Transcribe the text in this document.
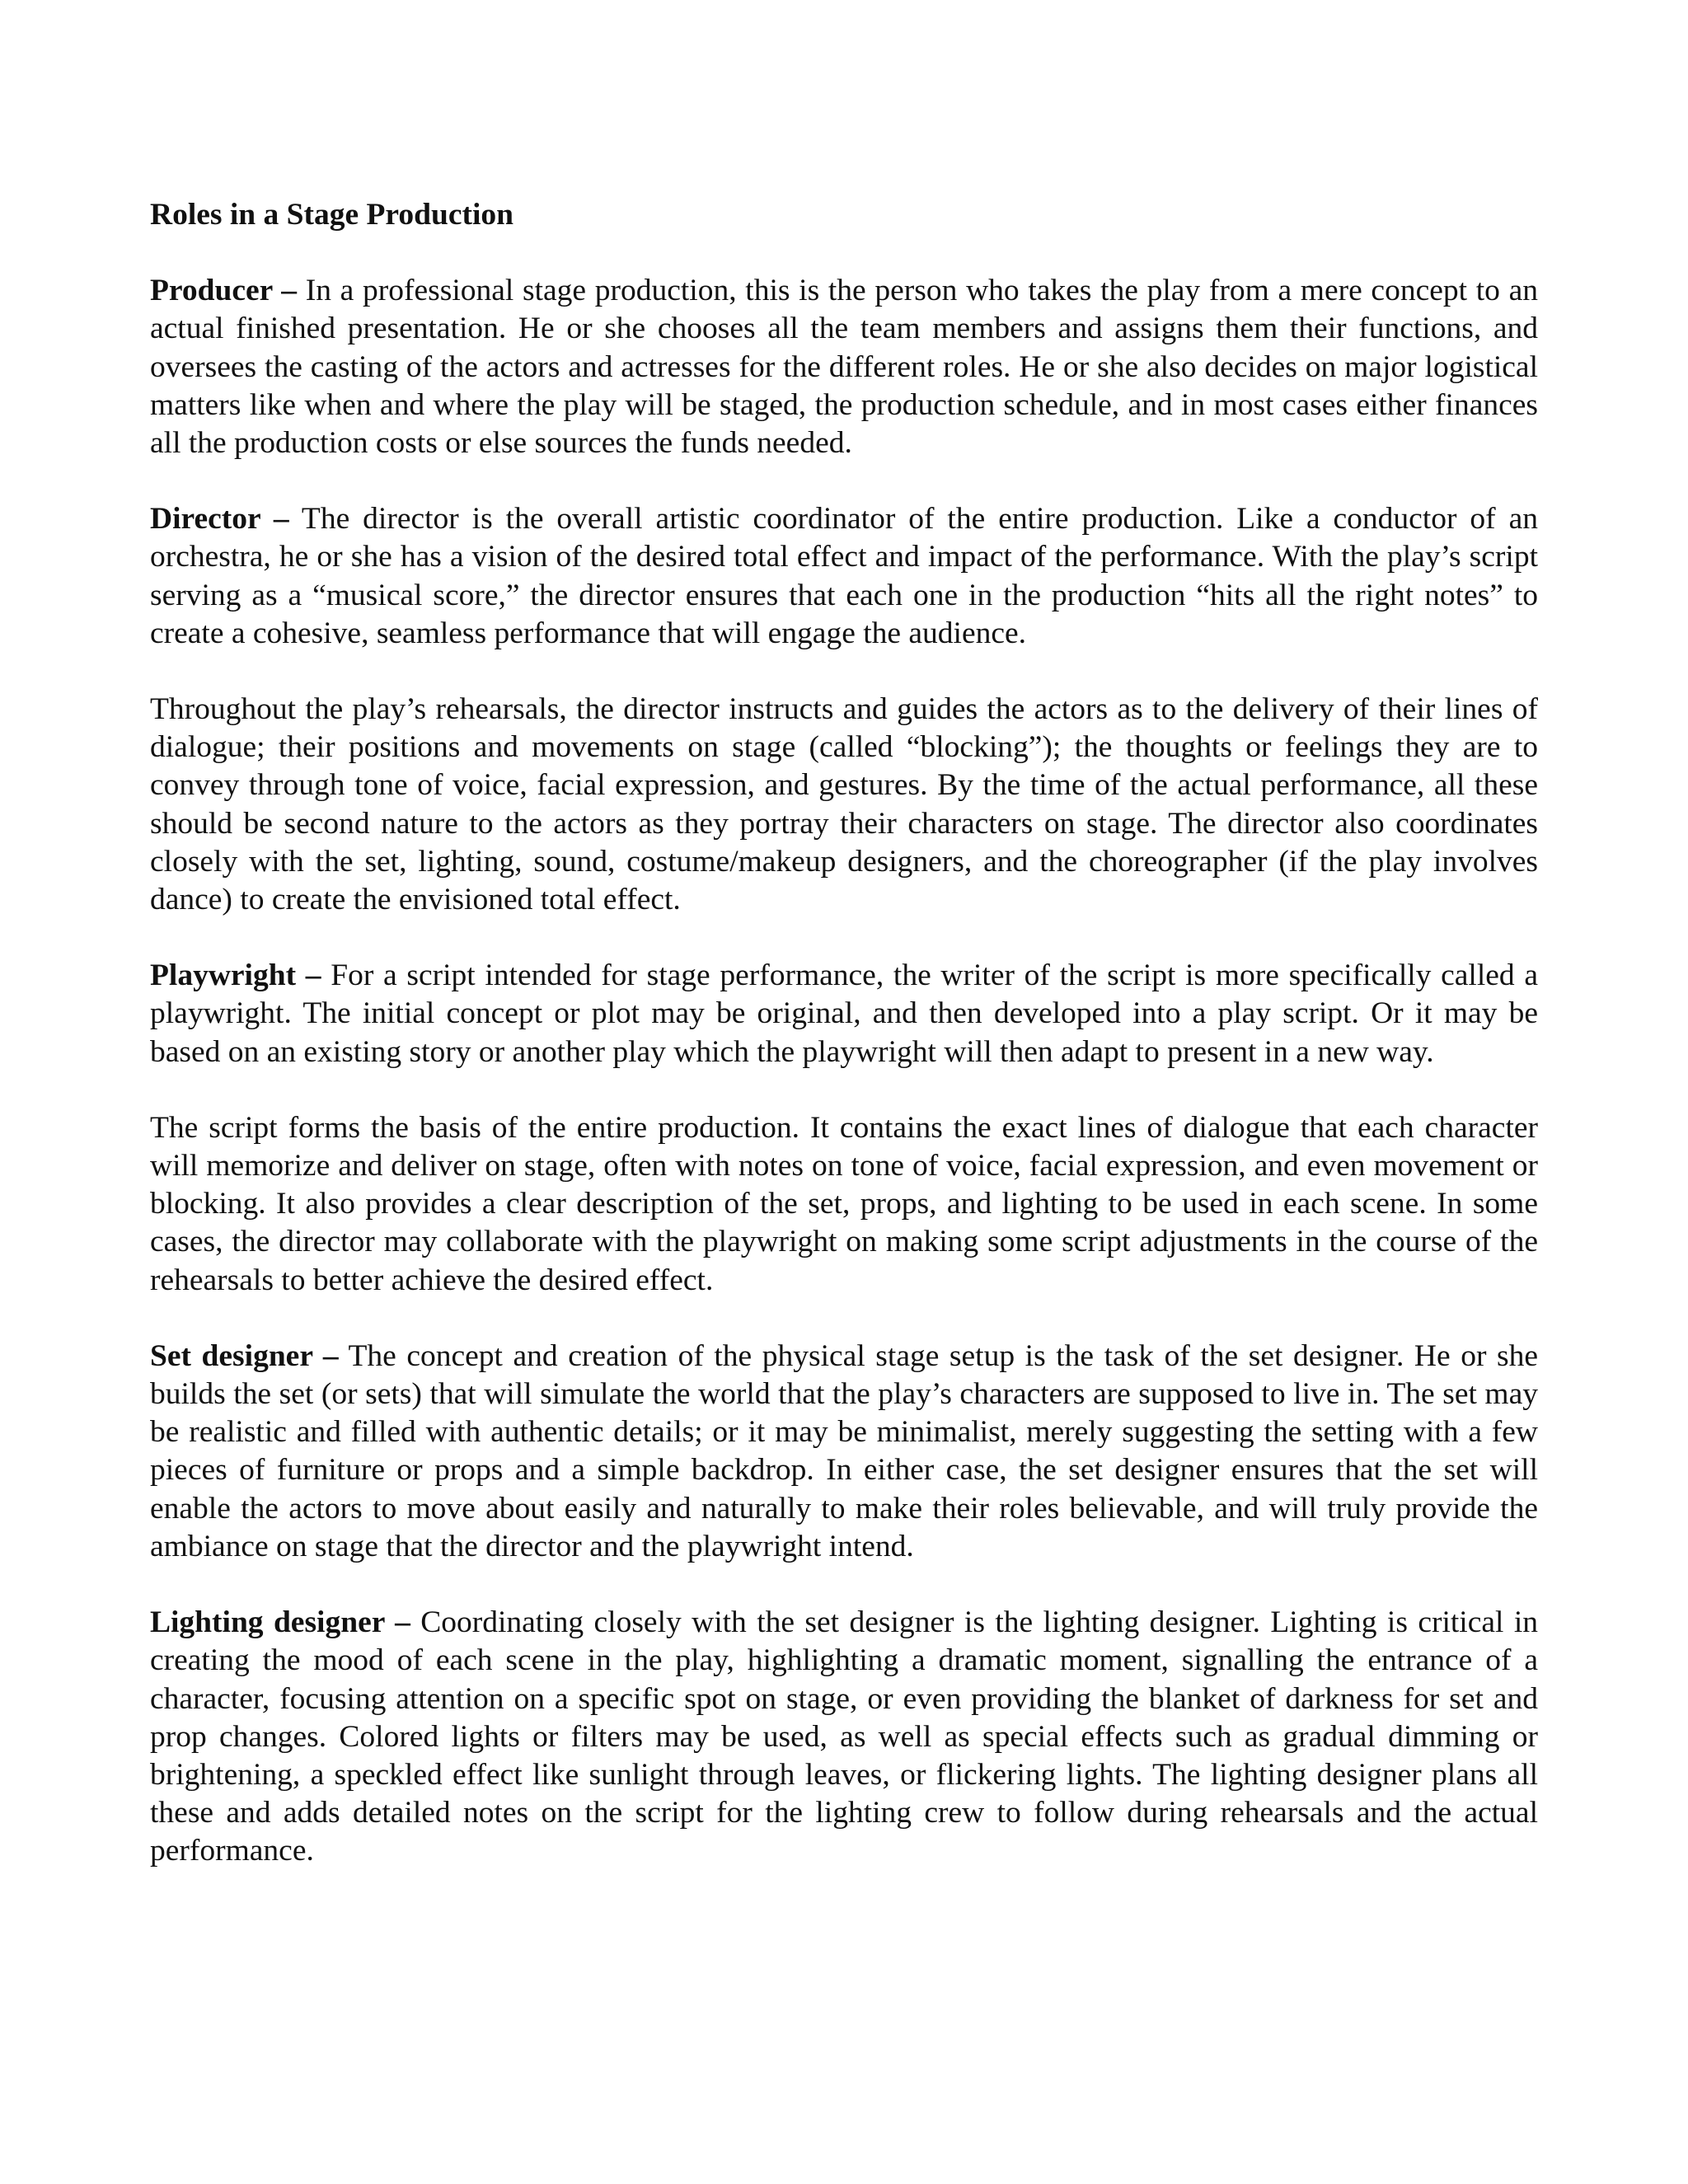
Roles in a Stage Production

Producer – In a professional stage production, this is the person who takes the play from a mere concept to an actual finished presentation. He or she chooses all the team members and assigns them their functions, and oversees the casting of the actors and actresses for the different roles. He or she also decides on major logistical matters like when and where the play will be staged, the production schedule, and in most cases either finances all the production costs or else sources the funds needed.

Director – The director is the overall artistic coordinator of the entire production. Like a conductor of an orchestra, he or she has a vision of the desired total effect and impact of the performance. With the play’s script serving as a “musical score,” the director ensures that each one in the production “hits all the right notes” to create a cohesive, seamless performance that will engage the audience.

Throughout the play’s rehearsals, the director instructs and guides the actors as to the delivery of their lines of dialogue; their positions and movements on stage (called “blocking”); the thoughts or feelings they are to convey through tone of voice, facial expression, and gestures. By the time of the actual performance, all these should be second nature to the actors as they portray their characters on stage. The director also coordinates closely with the set, lighting, sound, costume/makeup designers, and the choreographer (if the play involves dance) to create the envisioned total effect.

Playwright – For a script intended for stage performance, the writer of the script is more specifically called a playwright. The initial concept or plot may be original, and then developed into a play script. Or it may be based on an existing story or another play which the playwright will then adapt to present in a new way.

The script forms the basis of the entire production. It contains the exact lines of dialogue that each character will memorize and deliver on stage, often with notes on tone of voice, facial expression, and even movement or blocking. It also provides a clear description of the set, props, and lighting to be used in each scene. In some cases, the director may collaborate with the playwright on making some script adjustments in the course of the rehearsals to better achieve the desired effect.

Set designer – The concept and creation of the physical stage setup is the task of the set designer. He or she builds the set (or sets) that will simulate the world that the play’s characters are supposed to live in. The set may be realistic and filled with authentic details; or it may be minimalist, merely suggesting the setting with a few pieces of furniture or props and a simple backdrop. In either case, the set designer ensures that the set will enable the actors to move about easily and naturally to make their roles believable, and will truly provide the ambiance on stage that the director and the playwright intend.

Lighting designer – Coordinating closely with the set designer is the lighting designer. Lighting is critical in creating the mood of each scene in the play, highlighting a dramatic moment, signalling the entrance of a character, focusing attention on a specific spot on stage, or even providing the blanket of darkness for set and prop changes. Colored lights or filters may be used, as well as special effects such as gradual dimming or brightening, a speckled effect like sunlight through leaves, or flickering lights. The lighting designer plans all these and adds detailed notes on the script for the lighting crew to follow during rehearsals and the actual performance.
